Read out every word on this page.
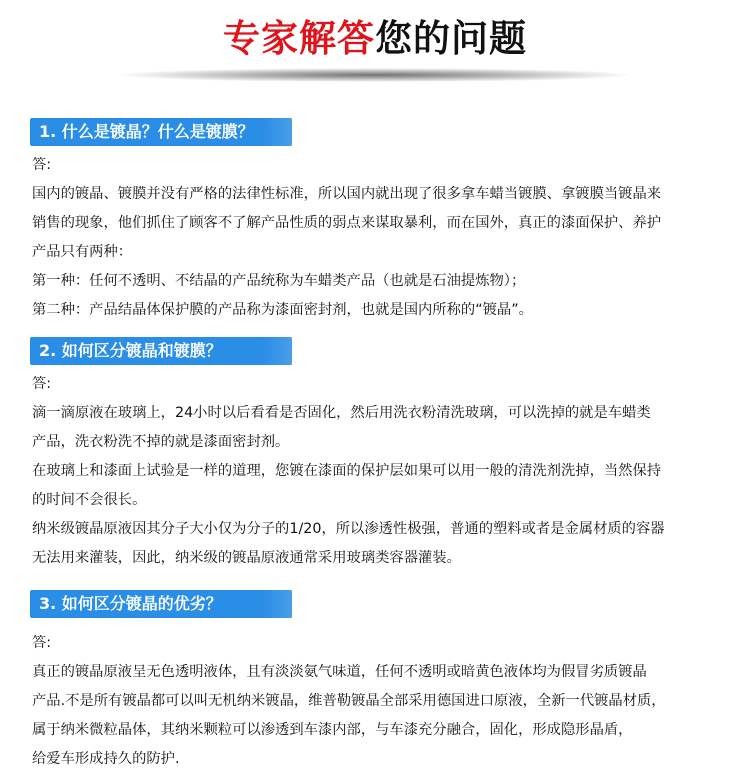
专家解答您的问题
1. 什么是镀晶？什么是镀膜？
答:
国内的镀晶、镀膜并没有严格的法律性标准，所以国内就出现了很多拿车蜡当镀膜、拿镀膜当镀晶来
销售的现象，他们抓住了顾客不了解产品性质的弱点来谋取暴利，而在国外，真正的漆面保护、养护
产品只有两种：
第一种：任何不透明、不结晶的产品统称为车蜡类产品（也就是石油提炼物）；
第二种：产品结晶体保护膜的产品称为漆面密封剂，也就是国内所称的“镀晶”。
2. 如何区分镀晶和镀膜？
答:
滴一滴原液在玻璃上，24小时以后看看是否固化，然后用洗衣粉清洗玻璃，可以洗掉的就是车蜡类
产品，洗衣粉洗不掉的就是漆面密封剂。
在玻璃上和漆面上试验是一样的道理，您镀在漆面的保护层如果可以用一般的清洗剂洗掉，当然保持
的时间不会很长。
纳米级镀晶原液因其分子大小仅为分子的1/20，所以渗透性极强，普通的塑料或者是金属材质的容器
无法用来灌装，因此，纳米级的镀晶原液通常采用玻璃类容器灌装。
3. 如何区分镀晶的优劣？
答:
真正的镀晶原液呈无色透明液体，且有淡淡氨气味道，任何不透明或暗黄色液体均为假冒劣质镀晶
产品.不是所有镀晶都可以叫无机纳米镀晶，维普勒镀晶全部采用德国进口原液，全新一代镀晶材质，
属于纳米微粒晶体，其纳米颗粒可以渗透到车漆内部，与车漆充分融合，固化，形成隐形晶盾，
给爱车形成持久的防护.
